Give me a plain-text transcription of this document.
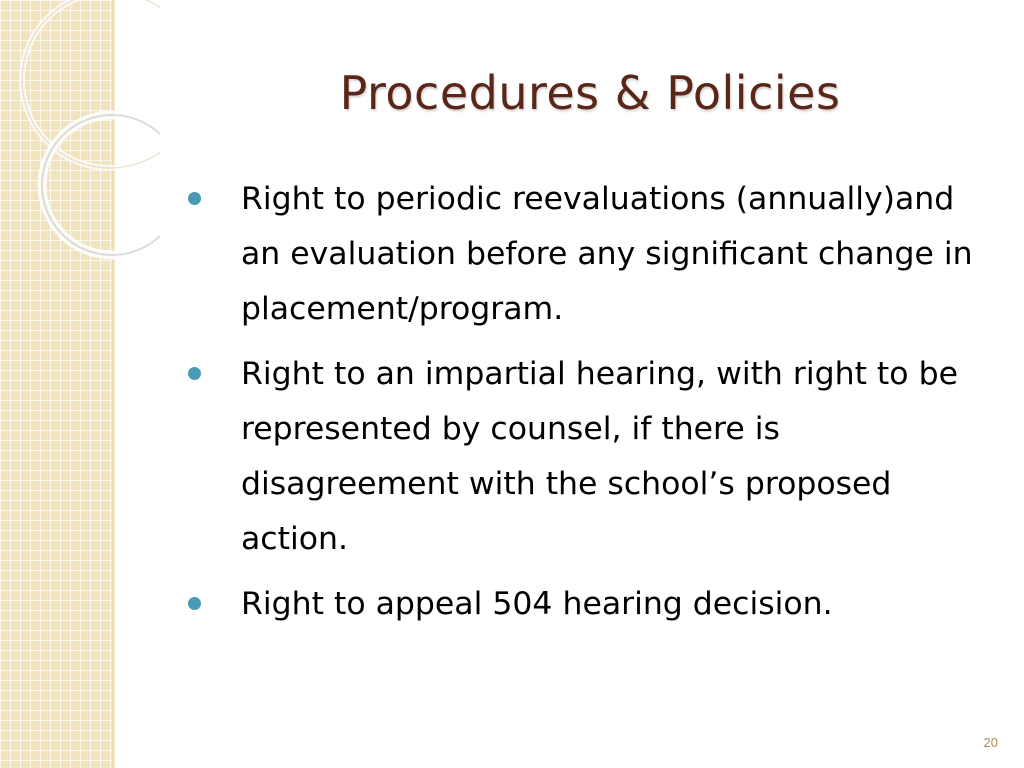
Procedures & Policies
Right to periodic reevaluations (annually)and an evaluation before any significant change in placement/program.
Right to an impartial hearing, with right to be represented by counsel, if there is disagreement with the school’s proposed action.
Right to appeal 504 hearing decision.
20
